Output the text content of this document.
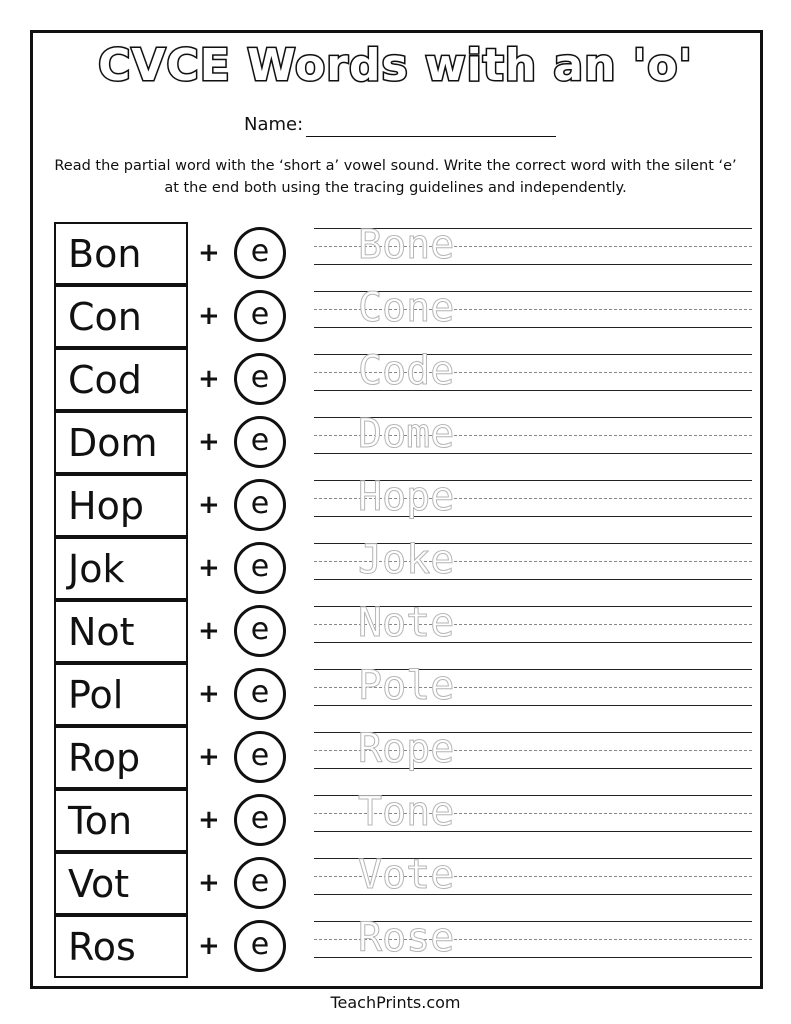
CVCE Words with an 'o'
Name:
Read the partial word with the ‘short a’ vowel sound. Write the correct word with the silent ‘e’ at the end both using the tracing guidelines and independently.
Bon	+	e	Bone
Con	+	e	Cone
Cod	+	e	Code
Dom	+	e	Dome
Hop	+	e	Hope
Jok	+	e	Joke
Not	+	e	Note
Pol	+	e	Pole
Rop	+	e	Rope
Ton	+	e	Tone
Vot	+	e	Vote
Ros	+	e	Rose
TeachPrints.com
